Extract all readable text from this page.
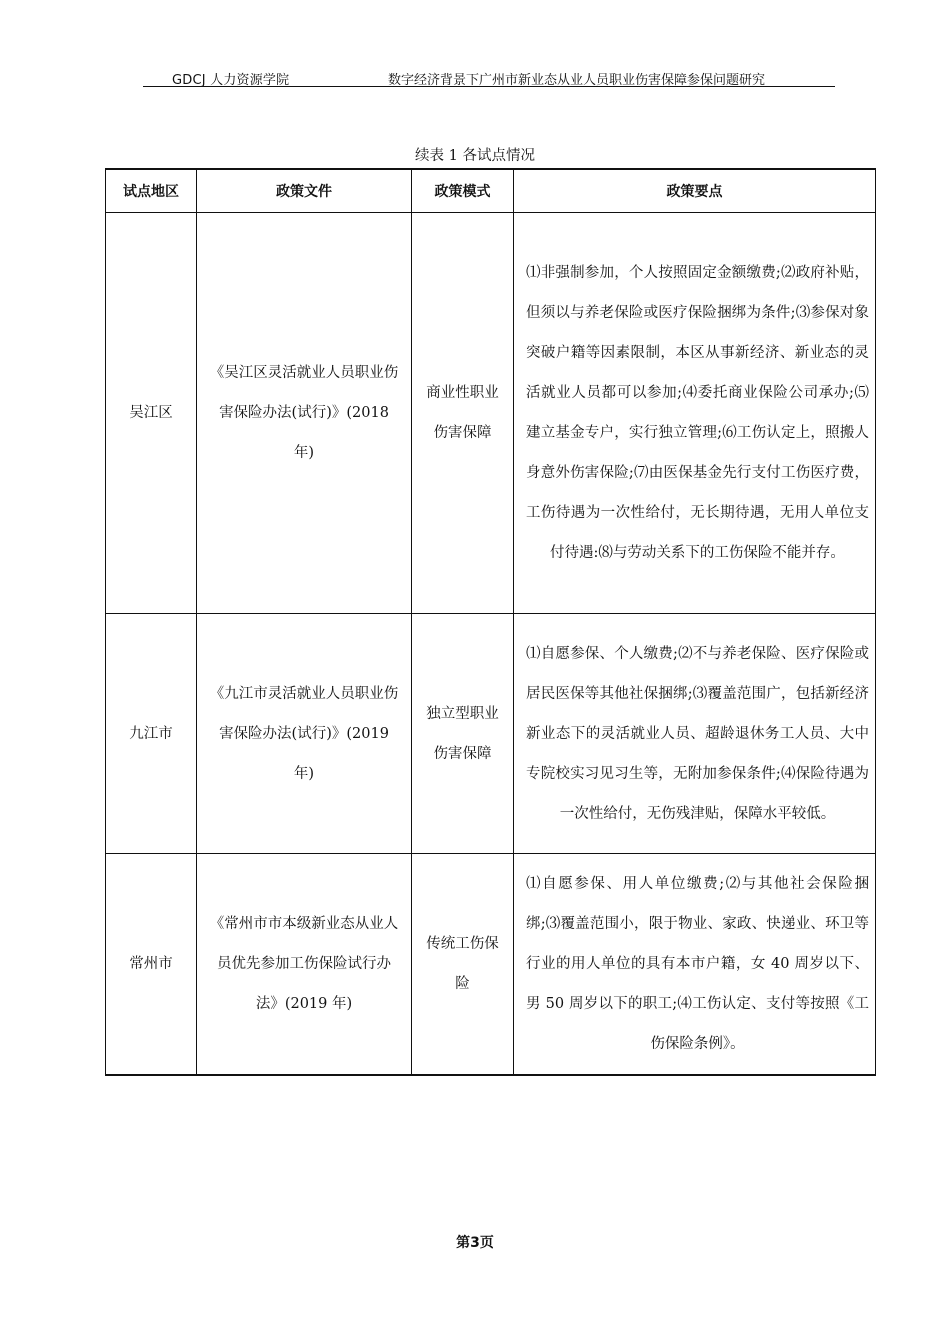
GDCJ 人力资源学院	数字经济背景下广州市新业态从业人员职业伤害保障参保问题研究
续表 1 各试点情况
试点地区	政策文件	政策模式	政策要点
吴江区	《吴江区灵活就业人员职业伤害保险办法(试行)》(2018 年)	商业性职业伤害保障	⑴非强制参加，个人按照固定金额缴费;⑵政府补贴，但须以与养老保险或医疗保险捆绑为条件;⑶参保对象突破户籍等因素限制，本区从事新经济、新业态的灵活就业人员都可以参加;⑷委托商业保险公司承办;⑸建立基金专户，实行独立管理;⑹工伤认定上，照搬人身意外伤害保险;⑺由医保基金先行支付工伤医疗费，工伤待遇为一次性给付，无长期待遇，无用人单位支付待遇:⑻与劳动关系下的工伤保险不能并存。
九江市	《九江市灵活就业人员职业伤害保险办法(试行)》(2019 年)	独立型职业伤害保障	⑴自愿参保、个人缴费;⑵不与养老保险、医疗保险或居民医保等其他社保捆绑;⑶覆盖范围广，包括新经济新业态下的灵活就业人员、超龄退休务工人员、大中专院校实习见习生等，无附加参保条件;⑷保险待遇为一次性给付，无伤残津贴，保障水平较低。
常州市	《常州市市本级新业态从业人员优先参加工伤保险试行办法》(2019 年)	传统工伤保险	⑴自愿参保、用人单位缴费;⑵与其他社会保险捆绑;⑶覆盖范围小，限于物业、家政、快递业、环卫等行业的用人单位的具有本市户籍，女 40 周岁以下、男 50 周岁以下的职工;⑷工伤认定、支付等按照《工伤保险条例》。
第3页
